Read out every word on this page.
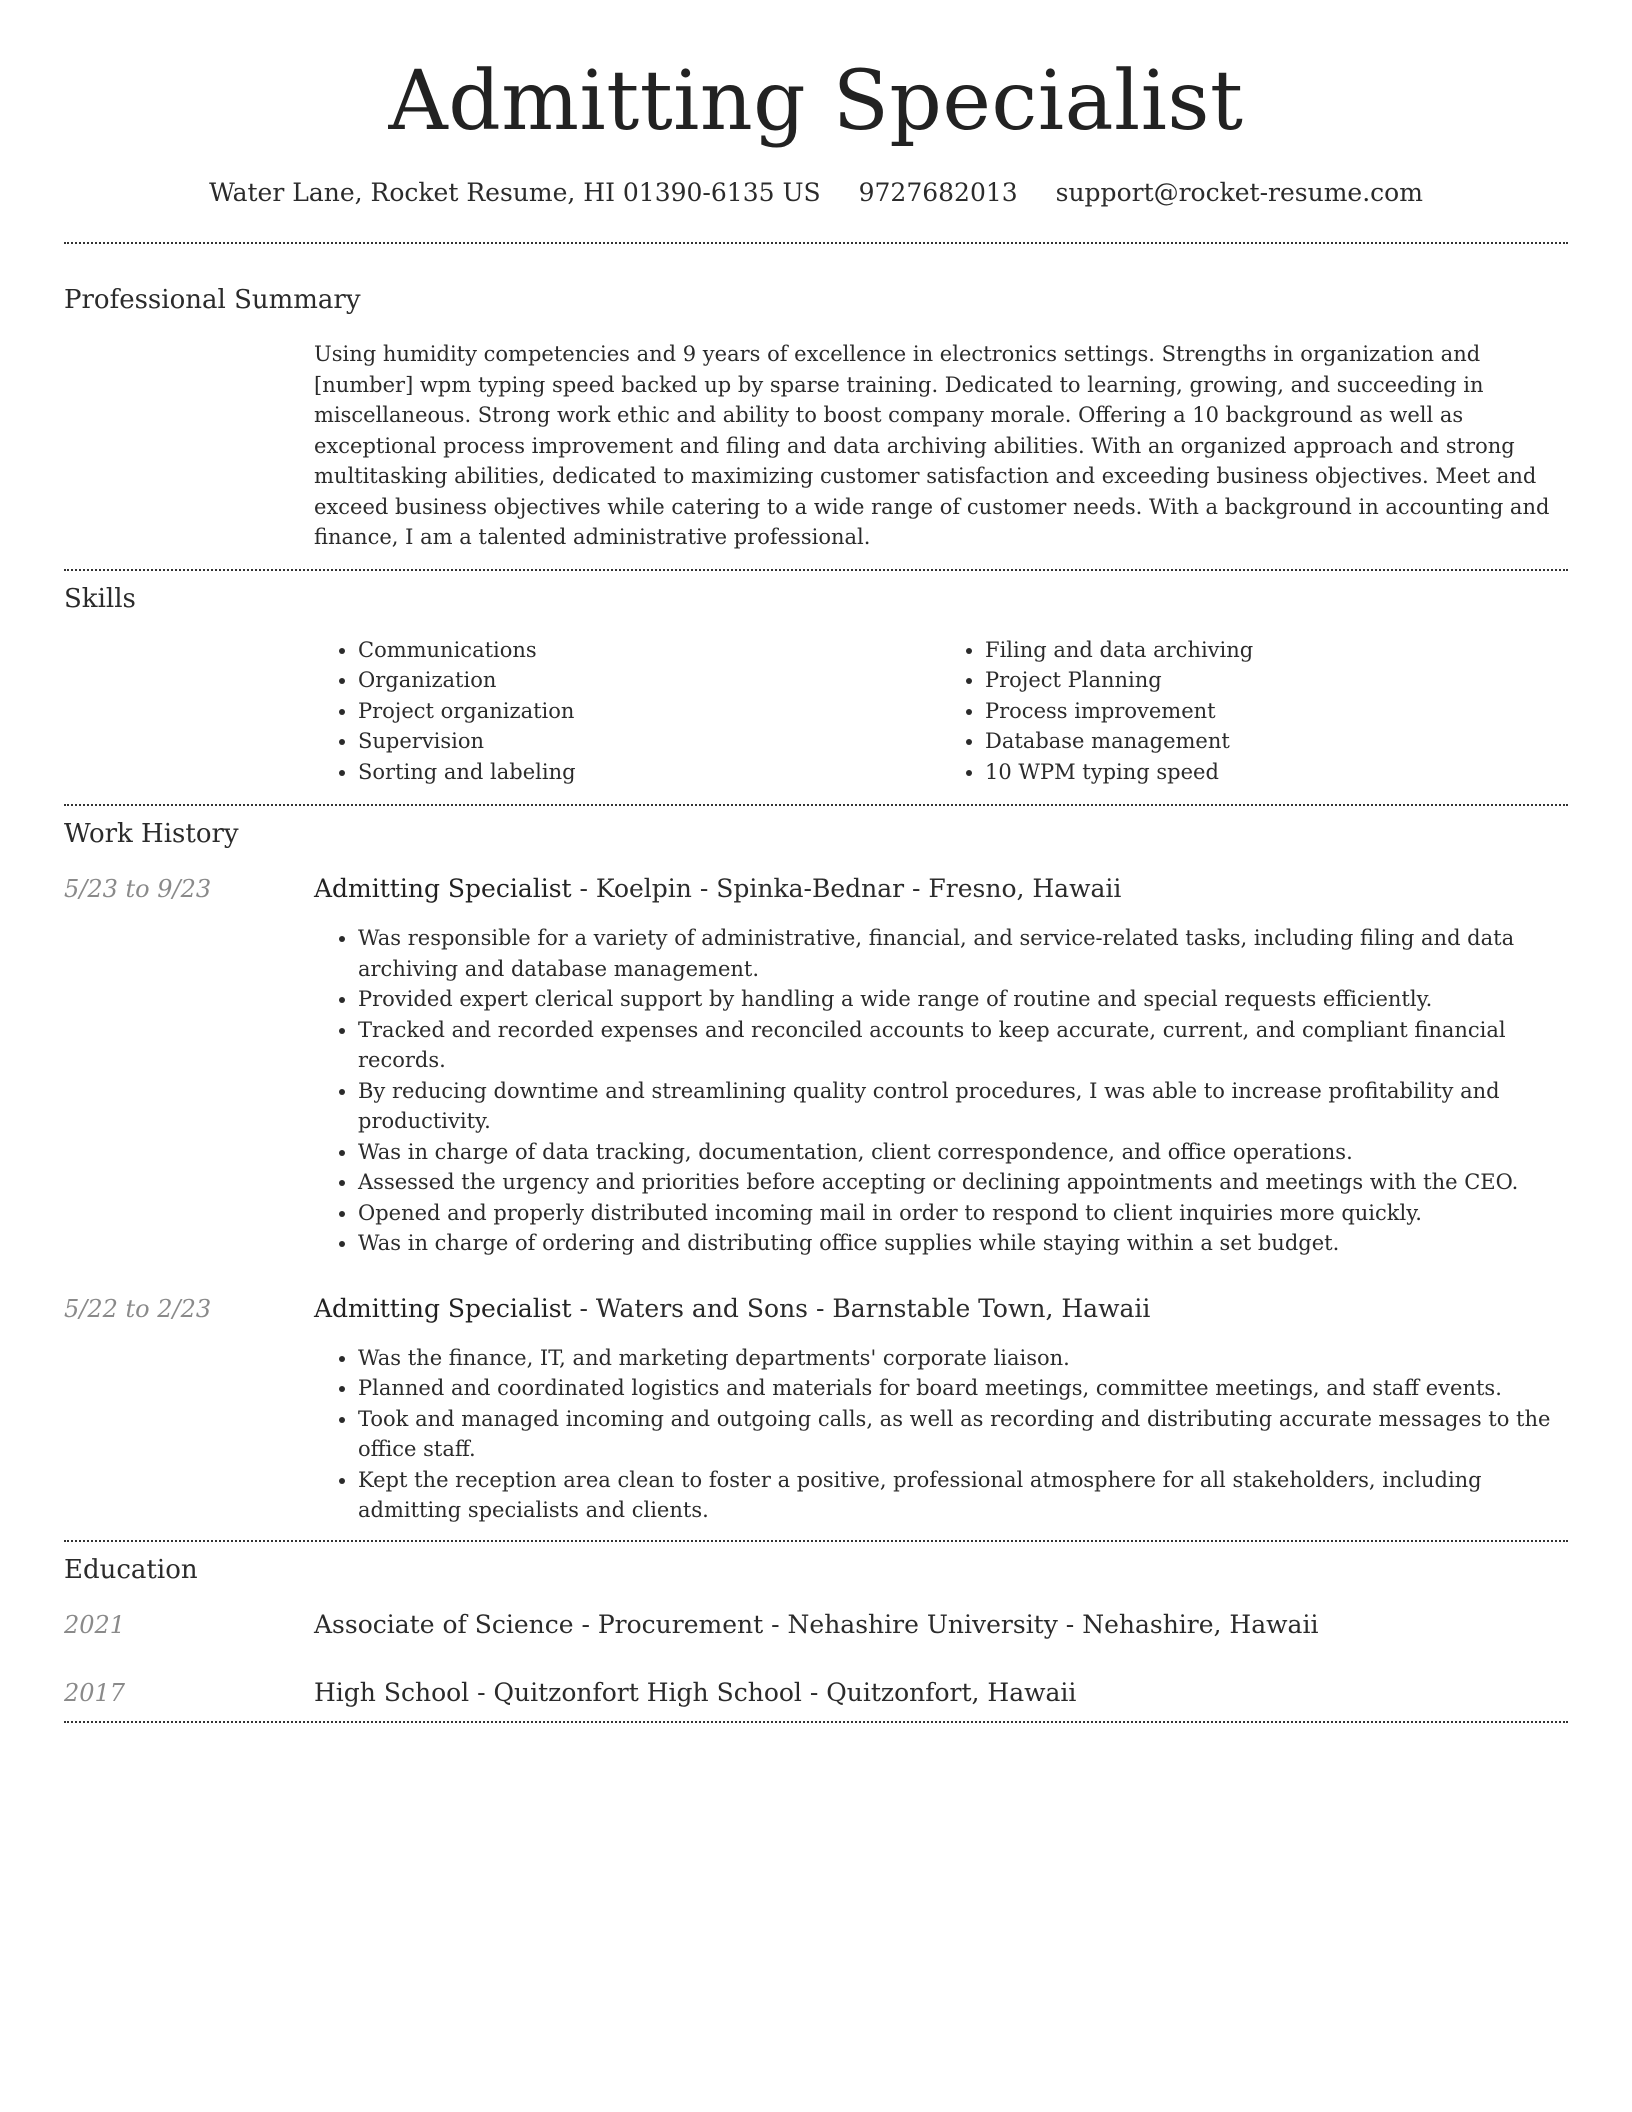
Admitting Specialist
Water Lane, Rocket Resume, HI 01390-6135 US 9727682013 support@rocket-resume.com
Professional Summary
Using humidity competencies and 9 years of excellence in electronics settings. Strengths in organization and [number] wpm typing speed backed up by sparse training. Dedicated to learning, growing, and succeeding in miscellaneous. Strong work ethic and ability to boost company morale. Offering a 10 background as well as exceptional process improvement and filing and data archiving abilities. With an organized approach and strong multitasking abilities, dedicated to maximizing customer satisfaction and exceeding business objectives. Meet and exceed business objectives while catering to a wide range of customer needs. With a background in accounting and finance, I am a talented administrative professional.
Skills
• Communications
• Organization
• Project organization
• Supervision
• Sorting and labeling
• Filing and data archiving
• Project Planning
• Process improvement
• Database management
• 10 WPM typing speed
Work History
5/23 to 9/23	Admitting Specialist - Koelpin - Spinka-Bednar - Fresno, Hawaii
• Was responsible for a variety of administrative, financial, and service-related tasks, including filing and data archiving and database management.
• Provided expert clerical support by handling a wide range of routine and special requests efficiently.
• Tracked and recorded expenses and reconciled accounts to keep accurate, current, and compliant financial records.
• By reducing downtime and streamlining quality control procedures, I was able to increase profitability and productivity.
• Was in charge of data tracking, documentation, client correspondence, and office operations.
• Assessed the urgency and priorities before accepting or declining appointments and meetings with the CEO.
• Opened and properly distributed incoming mail in order to respond to client inquiries more quickly.
• Was in charge of ordering and distributing office supplies while staying within a set budget.
5/22 to 2/23	Admitting Specialist - Waters and Sons - Barnstable Town, Hawaii
• Was the finance, IT, and marketing departments' corporate liaison.
• Planned and coordinated logistics and materials for board meetings, committee meetings, and staff events.
• Took and managed incoming and outgoing calls, as well as recording and distributing accurate messages to the office staff.
• Kept the reception area clean to foster a positive, professional atmosphere for all stakeholders, including admitting specialists and clients.
Education
2021	Associate of Science - Procurement - Nehashire University - Nehashire, Hawaii
2017	High School - Quitzonfort High School - Quitzonfort, Hawaii
